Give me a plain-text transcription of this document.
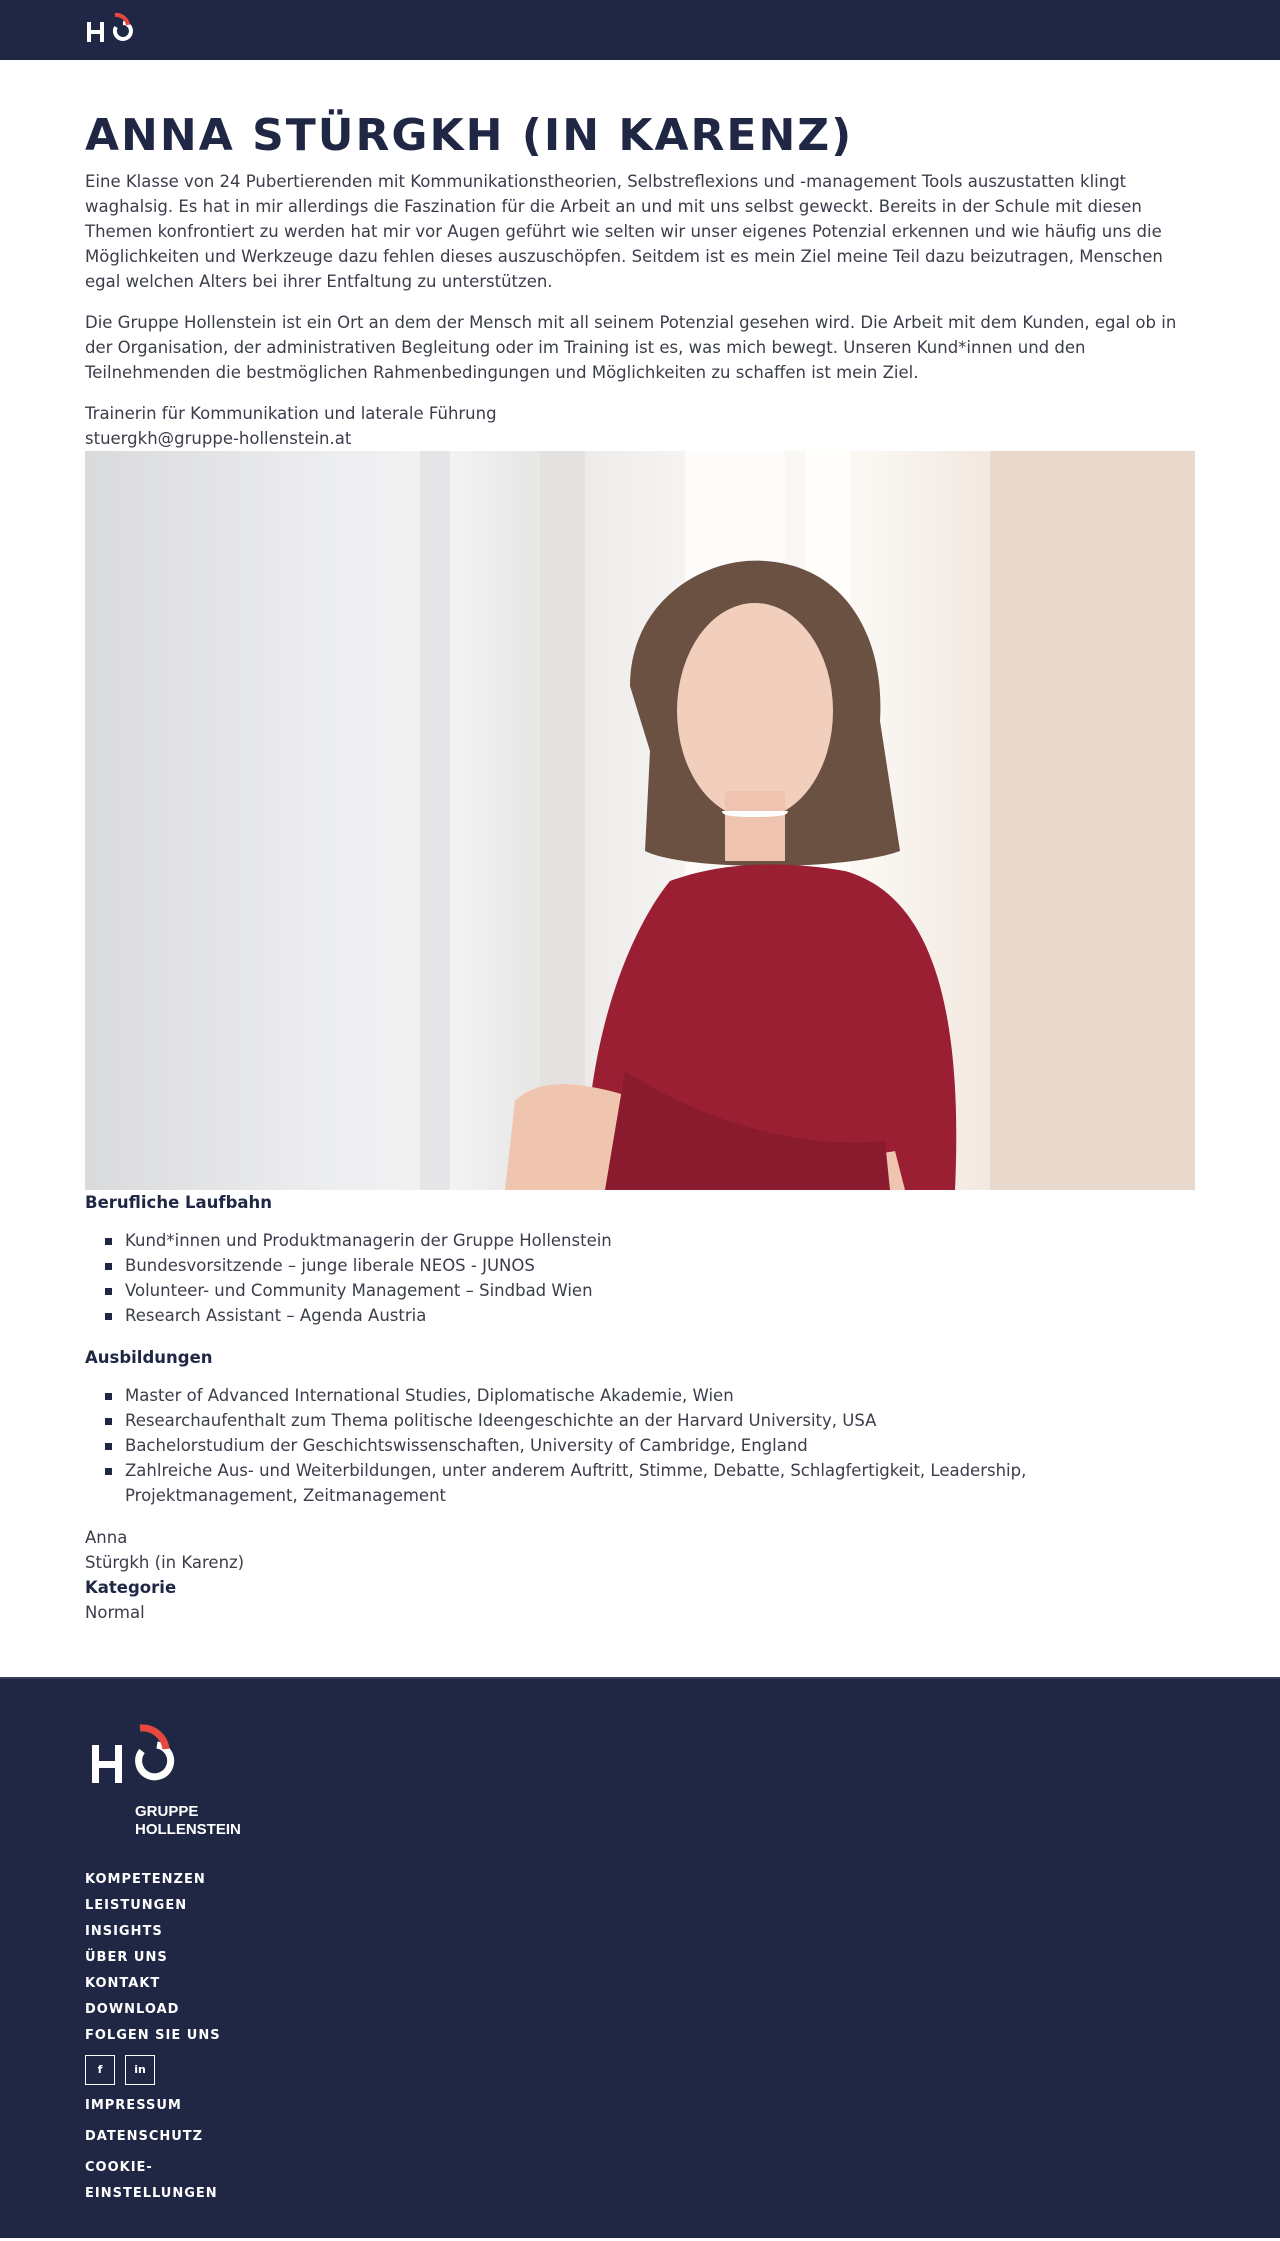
ANNA STÜRGKH (IN KARENZ)

Eine Klasse von 24 Pubertierenden mit Kommunikationstheorien, Selbstreflexions und -management Tools auszustatten klingt waghalsig. Es hat in mir allerdings die Faszination für die Arbeit an und mit uns selbst geweckt. Bereits in der Schule mit diesen Themen konfrontiert zu werden hat mir vor Augen geführt wie selten wir unser eigenes Potenzial erkennen und wie häufig uns die Möglichkeiten und Werkzeuge dazu fehlen dieses auszuschöpfen. Seitdem ist es mein Ziel meine Teil dazu beizutragen, Menschen egal welchen Alters bei ihrer Entfaltung zu unterstützen.

Die Gruppe Hollenstein ist ein Ort an dem der Mensch mit all seinem Potenzial gesehen wird. Die Arbeit mit dem Kunden, egal ob in der Organisation, der administrativen Begleitung oder im Training ist es, was mich bewegt. Unseren Kund*innen und den Teilnehmenden die bestmöglichen Rahmenbedingungen und Möglichkeiten zu schaffen ist mein Ziel.

Trainerin für Kommunikation und laterale Führung
stuergkh@gruppe-hollenstein.at
Berufliche Laufbahn
Kund*innen und Produktmanagerin der Gruppe Hollenstein
Bundesvorsitzende – junge liberale NEOS - JUNOS
Volunteer- und Community Management – Sindbad Wien
Research Assistant – Agenda Austria
Ausbildungen
Master of Advanced International Studies, Diplomatische Akademie, Wien
Researchaufenthalt zum Thema politische Ideengeschichte an der Harvard University, USA
Bachelorstudium der Geschichtswissenschaften, University of Cambridge, England
Zahlreiche Aus- und Weiterbildungen, unter anderem Auftritt, Stimme, Debatte, Schlagfertigkeit, Leadership, Projektmanagement, Zeitmanagement
Anna
Stürgkh (in Karenz)
Kategorie
Normal
GRUPPE
HOLLENSTEIN
KOMPETENZEN
LEISTUNGEN
INSIGHTS
ÜBER UNS
KONTAKT
DOWNLOAD
FOLGEN SIE UNS
f	in
IMPRESSUM
DATENSCHUTZ
COOKIE-EINSTELLUNGEN
